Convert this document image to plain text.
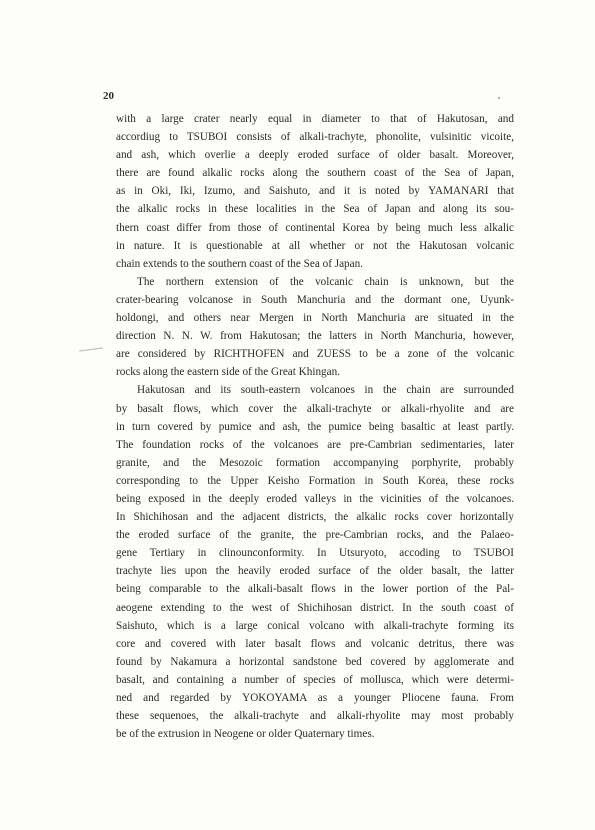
20
with a large crater nearly equal in diameter to that of Hakutosan, and
accordiug to TSUBOI consists of alkali-trachyte, phonolite, vulsinitic vicoite,
and ash, which overlie a deeply eroded surface of older basalt. Moreover,
there are found alkalic rocks along the southern coast of the Sea of Japan,
as in Oki, Iki, Izumo, and Saishuto, and it is noted by YAMANARI that
the alkalic rocks in these localities in the Sea of Japan and along its sou-
thern coast differ from those of continental Korea by being much less alkalic
in nature. It is questionable at all whether or not the Hakutosan volcanic
chain extends to the southern coast of the Sea of Japan.
The northern extension of the volcanic chain is unknown, but the
crater-bearing volcanose in South Manchuria and the dormant one, Uyunk-
holdongi, and others near Mergen in North Manchuria are situated in the
direction N. N. W. from Hakutosan; the latters in North Manchuria, however,
are considered by RICHTHOFEN and ZUESS to be a zone of the volcanic
rocks along the eastern side of the Great Khingan.
Hakutosan and its south-eastern volcanoes in the chain are surrounded
by basalt flows, which cover the alkali-trachyte or alkali-rhyolite and are
in turn covered by pumice and ash, the pumice being basaltic at least partly.
The foundation rocks of the volcanoes are pre-Cambrian sedimentaries, later
granite, and the Mesozoic formation accompanying porphyrite, probably
corresponding to the Upper Keisho Formation in South Korea, these rocks
being exposed in the deeply eroded valleys in the vicinities of the volcanoes.
In Shichihosan and the adjacent districts, the alkalic rocks cover horizontally
the eroded surface of the granite, the pre-Cambrian rocks, and the Palaeo-
gene Tertiary in clinounconformity. In Utsuryoto, accoding to TSUBOI
trachyte lies upon the heavily eroded surface of the older basalt, the latter
being comparable to the alkali-basalt flows in the lower portion of the Pal-
aeogene extending to the west of Shichihosan district. In the south coast of
Saishuto, which is a large conical volcano with alkali-trachyte forming its
core and covered with later basalt flows and volcanic detritus, there was
found by Nakamura a horizontal sandstone bed covered by agglomerate and
basalt, and containing a number of species of mollusca, which were determi-
ned and regarded by YOKOYAMA as a younger Pliocene fauna. From
these sequenoes, the alkali-trachyte and alkali-rhyolite may most probably
be of the extrusion in Neogene or older Quaternary times.
